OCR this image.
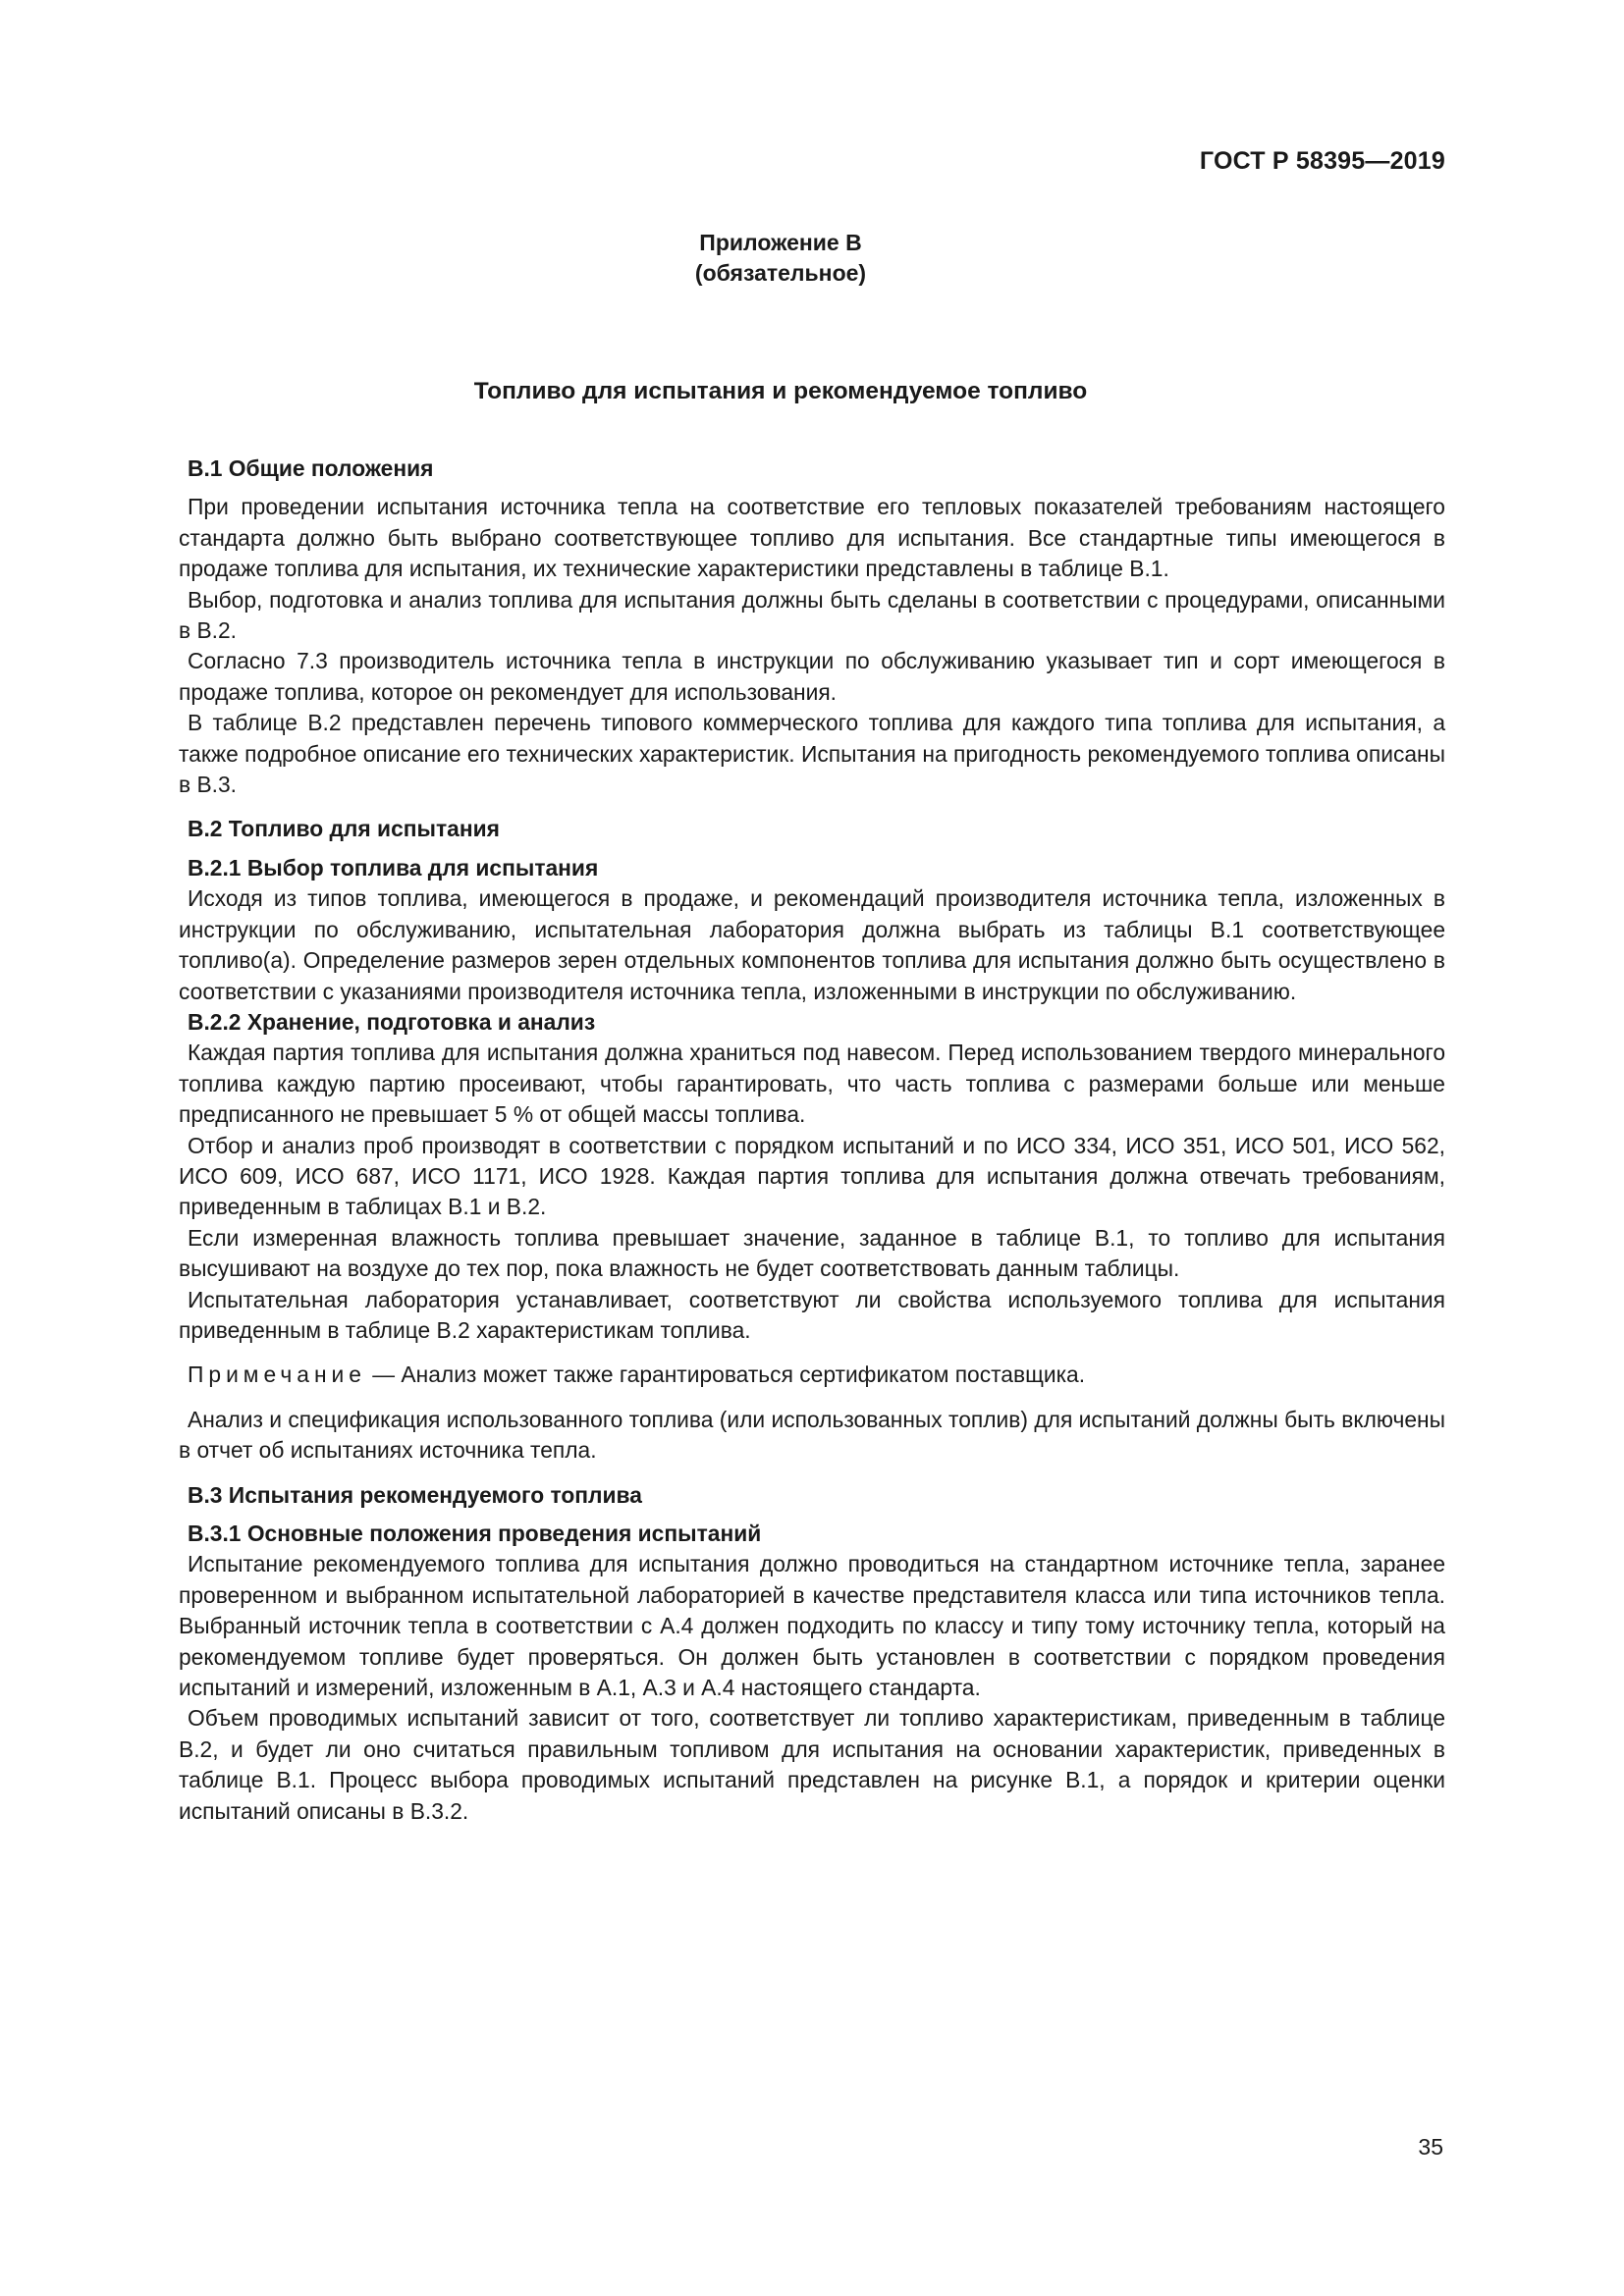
ГОСТ Р 58395—2019
Приложение В
(обязательное)
Топливо для испытания и рекомендуемое топливо

В.1 Общие положения

При проведении испытания источника тепла на соответствие его тепловых показателей требованиям настоящего стандарта должно быть выбрано соответствующее топливо для испытания. Все стандартные типы имеющегося в продаже топлива для испытания, их технические характеристики представлены в таблице В.1.

Выбор, подготовка и анализ топлива для испытания должны быть сделаны в соответствии с процедурами, описанными в В.2.

Согласно 7.3 производитель источника тепла в инструкции по обслуживанию указывает тип и сорт имеющегося в продаже топлива, которое он рекомендует для использования.

В таблице В.2 представлен перечень типового коммерческого топлива для каждого типа топлива для испытания, а также подробное описание его технических характеристик. Испытания на пригодность рекомендуемого топлива описаны в В.3.

В.2 Топливо для испытания

В.2.1 Выбор топлива для испытания

Исходя из типов топлива, имеющегося в продаже, и рекомендаций производителя источника тепла, изложенных в инструкции по обслуживанию, испытательная лаборатория должна выбрать из таблицы В.1 соответствующее топливо(а). Определение размеров зерен отдельных компонентов топлива для испытания должно быть осуществлено в соответствии с указаниями производителя источника тепла, изложенными в инструкции по обслуживанию.

В.2.2 Хранение, подготовка и анализ

Каждая партия топлива для испытания должна храниться под навесом. Перед использованием твердого минерального топлива каждую партию просеивают, чтобы гарантировать, что часть топлива с размерами больше или меньше предписанного не превышает 5 % от общей массы топлива.

Отбор и анализ проб производят в соответствии с порядком испытаний и по ИСО 334, ИСО 351, ИСО 501, ИСО 562, ИСО 609, ИСО 687, ИСО 1171, ИСО 1928. Каждая партия топлива для испытания должна отвечать требованиям, приведенным в таблицах В.1 и В.2.

Если измеренная влажность топлива превышает значение, заданное в таблице В.1, то топливо для испытания высушивают на воздухе до тех пор, пока влажность не будет соответствовать данным таблицы.

Испытательная лаборатория устанавливает, соответствуют ли свойства используемого топлива для испытания приведенным в таблице В.2 характеристикам топлива.

Примечание — Анализ может также гарантироваться сертификатом поставщика.

Анализ и спецификация использованного топлива (или использованных топлив) для испытаний должны быть включены в отчет об испытаниях источника тепла.

В.3 Испытания рекомендуемого топлива

В.3.1 Основные положения проведения испытаний

Испытание рекомендуемого топлива для испытания должно проводиться на стандартном источнике тепла, заранее проверенном и выбранном испытательной лабораторией в качестве представителя класса или типа источников тепла. Выбранный источник тепла в соответствии с А.4 должен подходить по классу и типу тому источнику тепла, который на рекомендуемом топливе будет проверяться. Он должен быть установлен в соответствии с порядком проведения испытаний и измерений, изложенным в А.1, А.3 и А.4 настоящего стандарта.

Объем проводимых испытаний зависит от того, соответствует ли топливо характеристикам, приведенным в таблице В.2, и будет ли оно считаться правильным топливом для испытания на основании характеристик, приведенных в таблице В.1. Процесс выбора проводимых испытаний представлен на рисунке В.1, а порядок и критерии оценки испытаний описаны в В.3.2.

35
